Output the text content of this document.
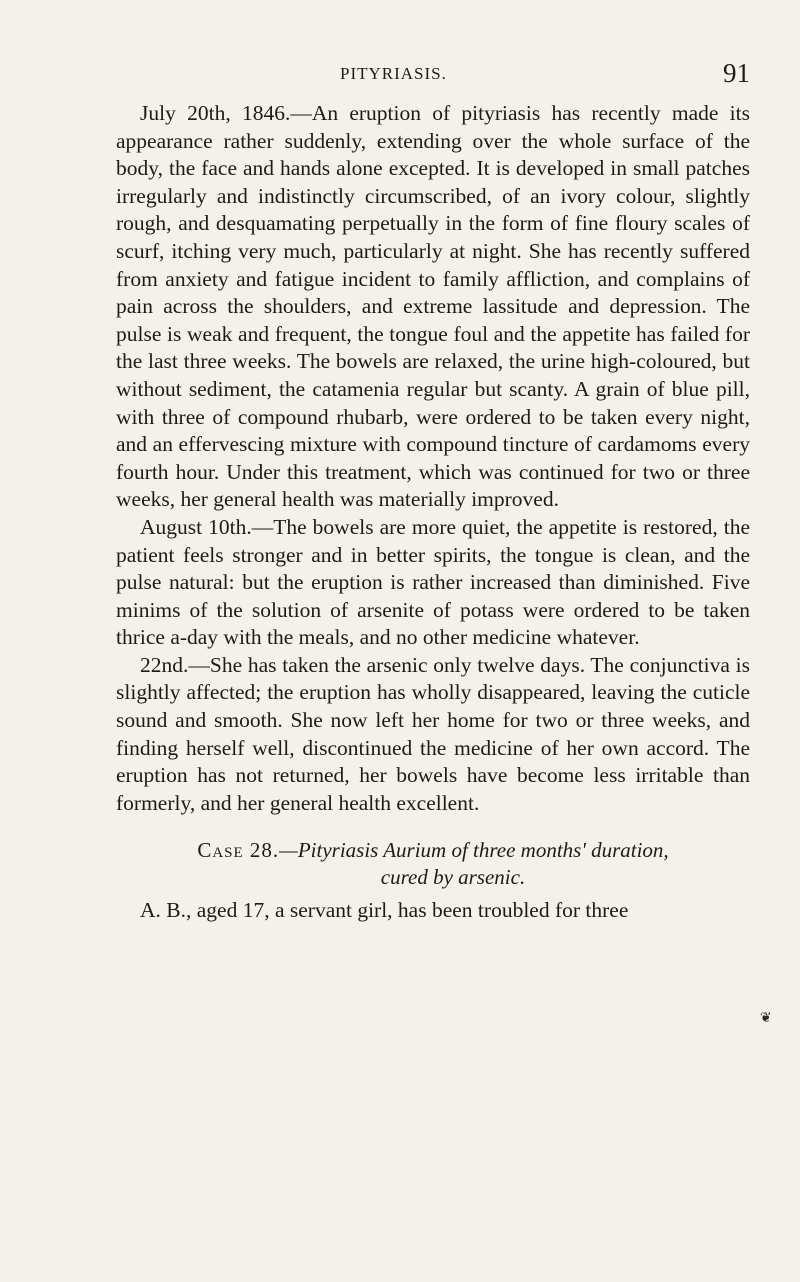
PITYRIASIS.	91

July 20th, 1846.—An eruption of pityriasis has recently made its appearance rather suddenly, extending over the whole surface of the body, the face and hands alone excepted. It is developed in small patches irregularly and indistinctly circumscribed, of an ivory colour, slightly rough, and desquamating perpetually in the form of fine floury scales of scurf, itching very much, particularly at night. She has recently suffered from anxiety and fatigue incident to family affliction, and complains of pain across the shoulders, and extreme lassitude and depression. The pulse is weak and frequent, the tongue foul and the appetite has failed for the last three weeks. The bowels are relaxed, the urine high-coloured, but without sediment, the catamenia regular but scanty. A grain of blue pill, with three of compound rhubarb, were ordered to be taken every night, and an effervescing mixture with compound tincture of cardamoms every fourth hour. Under this treatment, which was continued for two or three weeks, her general health was materially improved.

August 10th.—The bowels are more quiet, the appetite is restored, the patient feels stronger and in better spirits, the tongue is clean, and the pulse natural: but the eruption is rather increased than diminished. Five minims of the solution of arsenite of potass were ordered to be taken thrice a-day with the meals, and no other medicine whatever.

22nd.—She has taken the arsenic only twelve days. The conjunctiva is slightly affected; the eruption has wholly disappeared, leaving the cuticle sound and smooth. She now left her home for two or three weeks, and finding herself well, discontinued the medicine of her own accord. The eruption has not returned, her bowels have become less irritable than formerly, and her general health excellent.

Case 28.—Pityriasis Aurium of three months' duration,
cured by arsenic.

A. B., aged 17, a servant girl, has been troubled for three

❦
